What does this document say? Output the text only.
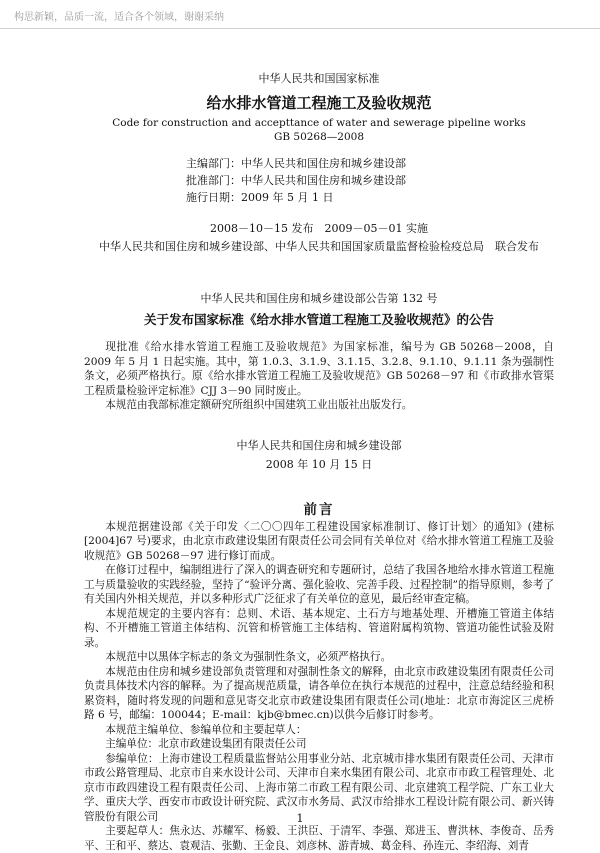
构思新颖，品质一流，适合各个领域，谢谢采纳
中华人民共和国国家标准
给水排水管道工程施工及验收规范
Code for construction and accepttance of water and sewerage pipeline works
GB 50268—2008
主编部门：中华人民共和国住房和城乡建设部
批准部门：中华人民共和国住房和城乡建设部
施行日期：2009 年 5 月 1 日
2008－10－15 发布　2009－05－01 实施
中华人民共和国住房和城乡建设部、中华人民共和国国家质量监督检验检疫总局　联合发布
中华人民共和国住房和城乡建设部公告第 132 号
关于发布国家标准《给水排水管道工程施工及验收规范》的公告

现批准《给水排水管道工程施工及验收规范》为国家标准，编号为 GB 50268－2008，自 2009 年 5 月 1 日起实施。其中，第 1.0.3、3.1.9、3.1.15、3.2.8、9.1.10、9.1.11 条为强制性条文，必须严格执行。原《给水排水管道工程施工及验收规范》GB 50268－97 和《市政排水管渠工程质量检验评定标准》CJJ 3－90 同时废止。

本规范由我部标准定额研究所组织中国建筑工业出版社出版发行。

中华人民共和国住房和城乡建设部
2008 年 10 月 15 日
前言

本规范据建设部《关于印发〈二〇〇四年工程建设国家标准制订、修订计划〉的通知》(建标[2004]67 号)要求，由北京市政建设集团有限责任公司会同有关单位对《给水排水管道工程施工及验收规范》GB 50268－97 进行修订而成。

在修订过程中，编制组进行了深入的调查研究和专题研讨，总结了我国各地给水排水管道工程施工与质量验收的实践经验，坚持了“验评分离、强化验收、完善手段、过程控制”的指导原则，参考了有关国内外相关规范，并以多种形式广泛征求了有关单位的意见，最后经审查定稿。

本规范规定的主要内容有：总则、术语、基本规定、土石方与地基处理、开槽施工管道主体结构、不开槽施工管道主体结构、沉管和桥管施工主体结构、管道附属构筑物、管道功能性试验及附录。

本规范中以黑体字标志的条文为强制性条文，必须严格执行。

本规范由住房和城乡建设部负责管理和对强制性条文的解释，由北京市政建设集团有限责任公司负责具体技术内容的解释。为了提高规范质量，请各单位在执行本规范的过程中，注意总结经验和积累资料，随时将发现的问题和意见寄交北京市政建设集团有限责任公司(地址：北京市海淀区三虎桥路 6 号，邮编：100044；E-mail：kjb@bmec.cn)以供今后修订时参考。

本规范主编单位、参编单位和主要起草人：

主编单位：北京市政建设集团有限责任公司

参编单位：上海市建设工程质量监督站公用事业分站、北京城市排水集团有限责任公司、天津市市政公路管理局、北京市自来水设计公司、天津市自来水集团有限公司、北京市市政工程管理处、北京市市政四建设工程有限责任公司、上海市第二市政工程有限公司、北京建筑工程学院、广东工业大学、重庆大学、西安市市政设计研究院、武汉市水务局、武汉市给排水工程设计院有限公司、新兴铸管股份有限公司

主要起草人：焦永达、苏耀军、杨毅、王洪臣、于清军、李强、郑进玉、曹洪林、李俊奇、岳秀平、王和平、蔡达、袁观洁、张勤、王金良、刘彦林、游青城、葛金科、孙连元、李绍海、刘青

1
